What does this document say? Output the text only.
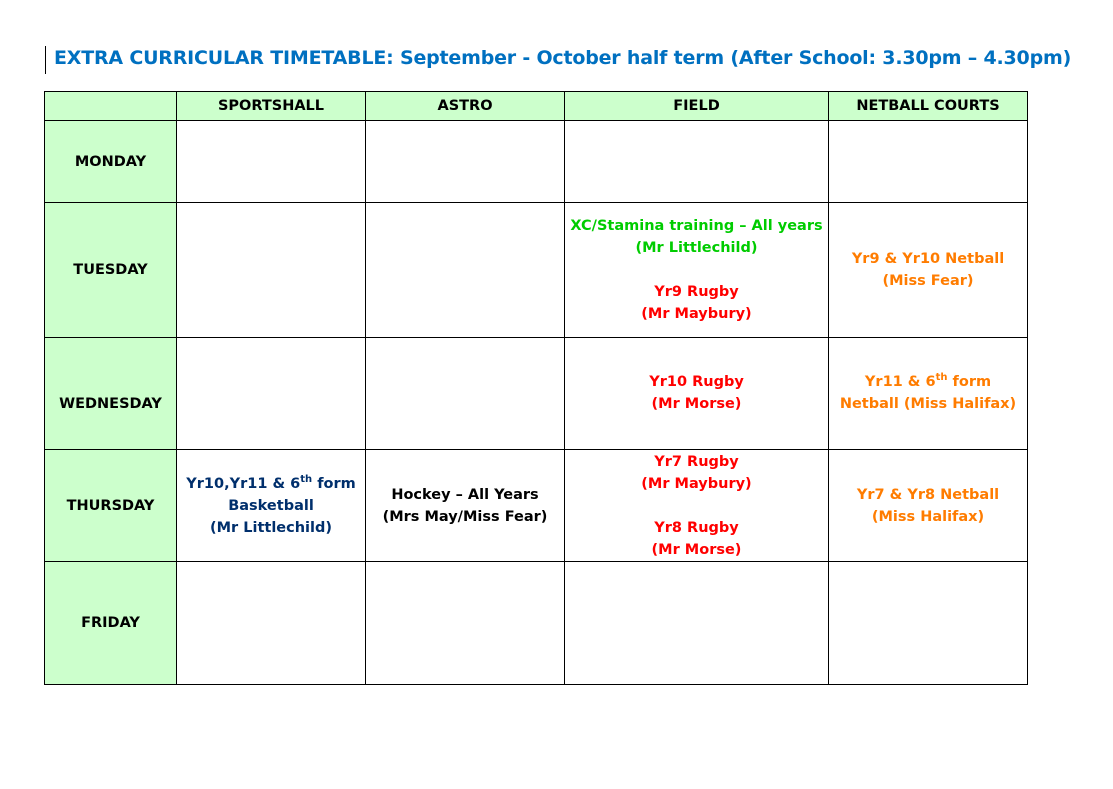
EXTRA CURRICULAR TIMETABLE: September - October half term (After School: 3.30pm – 4.30pm)
	SPORTSHALL	ASTRO	FIELD	NETBALL COURTS
MONDAY				
TUESDAY			XC/Stamina training – All years
(Mr Littlechild)
Yr9 Rugby
(Mr Maybury)	Yr9 & Yr10 Netball
(Miss Fear)

WEDNESDAY			Yr10 Rugby
(Mr Morse)	Yr11 & 6th form
Netball (Miss Halifax)

THURSDAY	Yr10,Yr11 & 6th form
Basketball
(Mr Littlechild)	Hockey – All Years
(Mrs May/Miss Fear)	Yr7 Rugby
(Mr Maybury)
Yr8 Rugby
(Mr Morse)	Yr7 & Yr8 Netball
(Miss Halifax)

FRIDAY				
